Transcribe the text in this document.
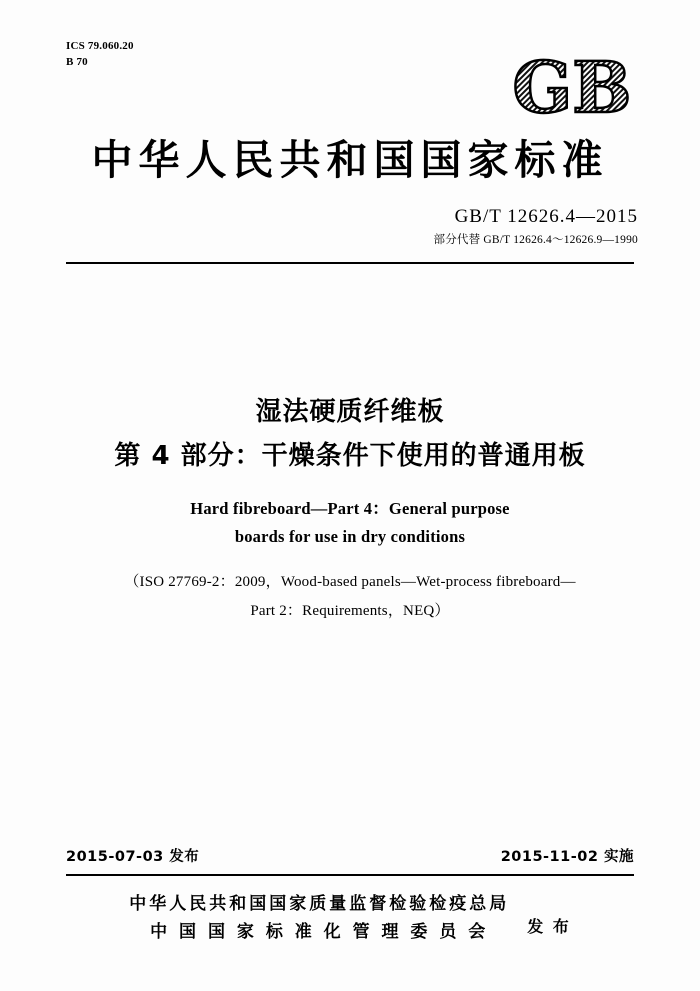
ICS 79.060.20
B 70	GB
中华人民共和国国家标准
GB/T 12626.4—2015
部分代替 GB/T 12626.4～12626.9—1990
湿法硬质纤维板
第 4 部分：干燥条件下使用的普通用板
Hard fibreboard—Part 4：General purpose
boards for use in dry conditions
（ISO 27769-2：2009，Wood-based panels—Wet-process fibreboard—
Part 2：Requirements，NEQ）
2015-07-03 发布	2015-11-02 实施
中华人民共和国国家质量监督检验检疫总局
中 国 国 家 标 准 化 管 理 委 员 会	发 布
